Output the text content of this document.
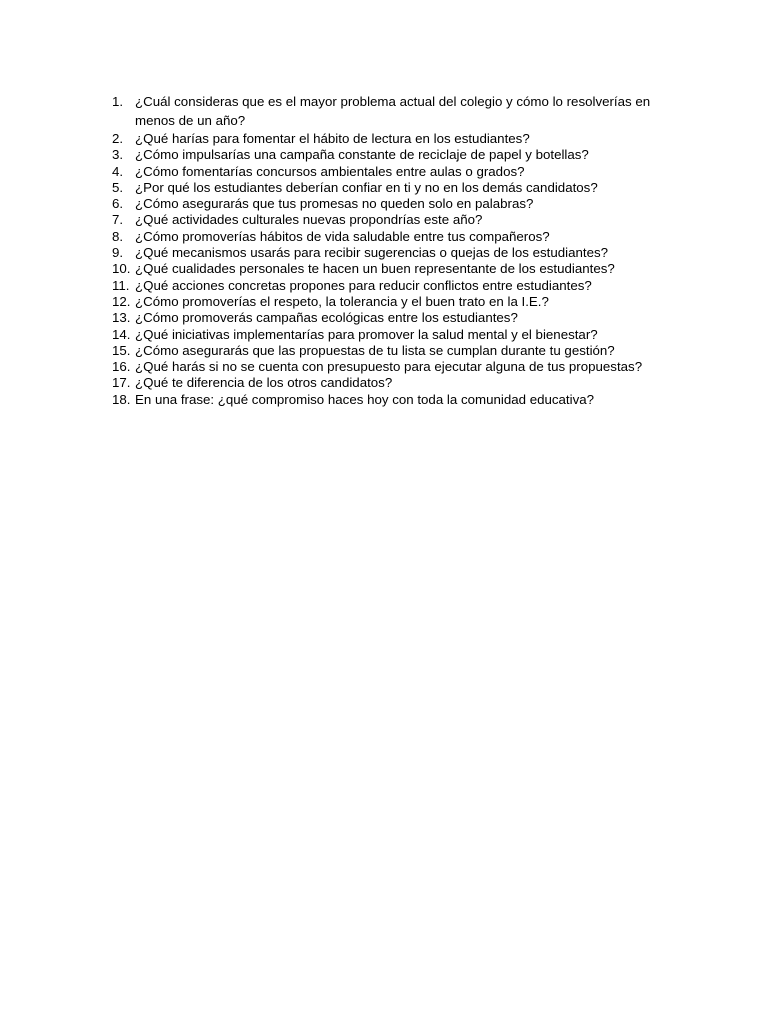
1. ¿Cuál consideras que es el mayor problema actual del colegio y cómo lo resolverías en menos de un año?
2. ¿Qué harías para fomentar el hábito de lectura en los estudiantes?
3. ¿Cómo impulsarías una campaña constante de reciclaje de papel y botellas?
4. ¿Cómo fomentarías concursos ambientales entre aulas o grados?
5. ¿Por qué los estudiantes deberían confiar en ti y no en los demás candidatos?
6. ¿Cómo asegurarás que tus promesas no queden solo en palabras?
7. ¿Qué actividades culturales nuevas propondrías este año?
8. ¿Cómo promoverías hábitos de vida saludable entre tus compañeros?
9. ¿Qué mecanismos usarás para recibir sugerencias o quejas de los estudiantes?
10. ¿Qué cualidades personales te hacen un buen representante de los estudiantes?
11. ¿Qué acciones concretas propones para reducir conflictos entre estudiantes?
12. ¿Cómo promoverías el respeto, la tolerancia y el buen trato en la I.E.?
13. ¿Cómo promoverás campañas ecológicas entre los estudiantes?
14. ¿Qué iniciativas implementarías para promover la salud mental y el bienestar?
15. ¿Cómo asegurarás que las propuestas de tu lista se cumplan durante tu gestión?
16. ¿Qué harás si no se cuenta con presupuesto para ejecutar alguna de tus propuestas?
17. ¿Qué te diferencia de los otros candidatos?
18. En una frase: ¿qué compromiso haces hoy con toda la comunidad educativa?
